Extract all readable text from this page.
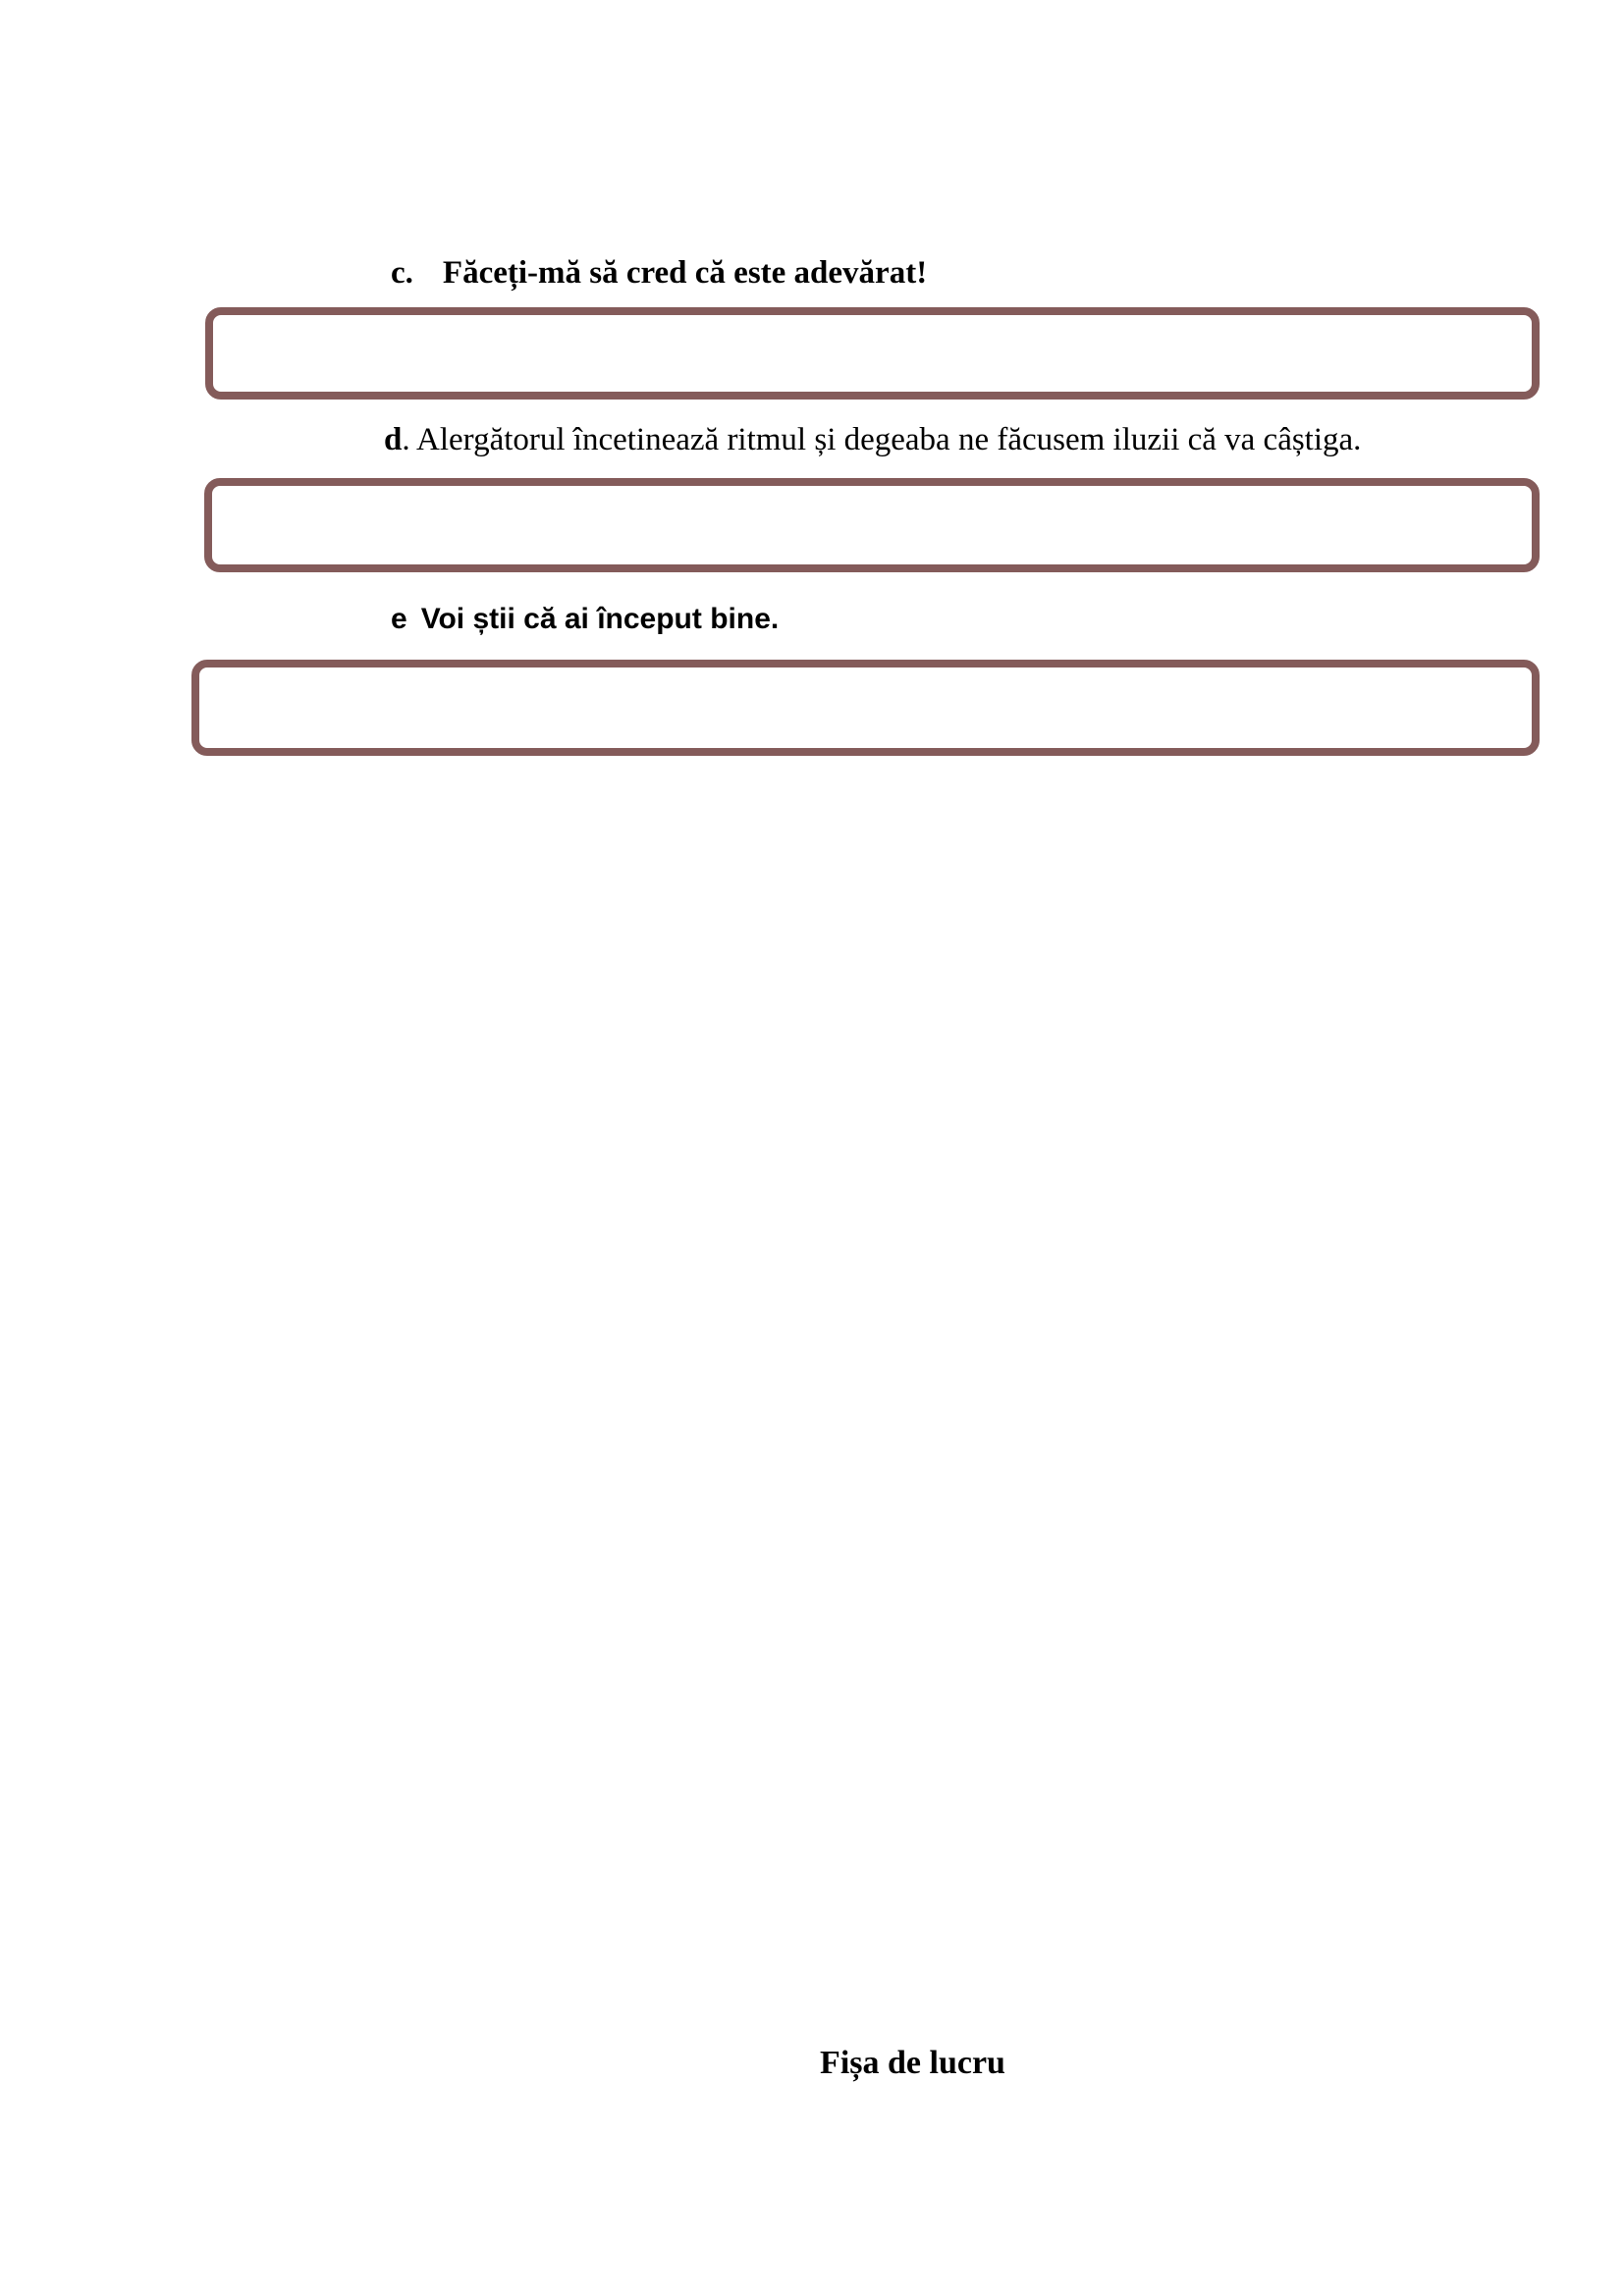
c. Făceți-mă să cred că este adevărat!
d. Alergătorul încetinează ritmul și degeaba ne făcusem iluzii că va câștiga.
e Voi știi că ai început bine.
Fișa de lucru
